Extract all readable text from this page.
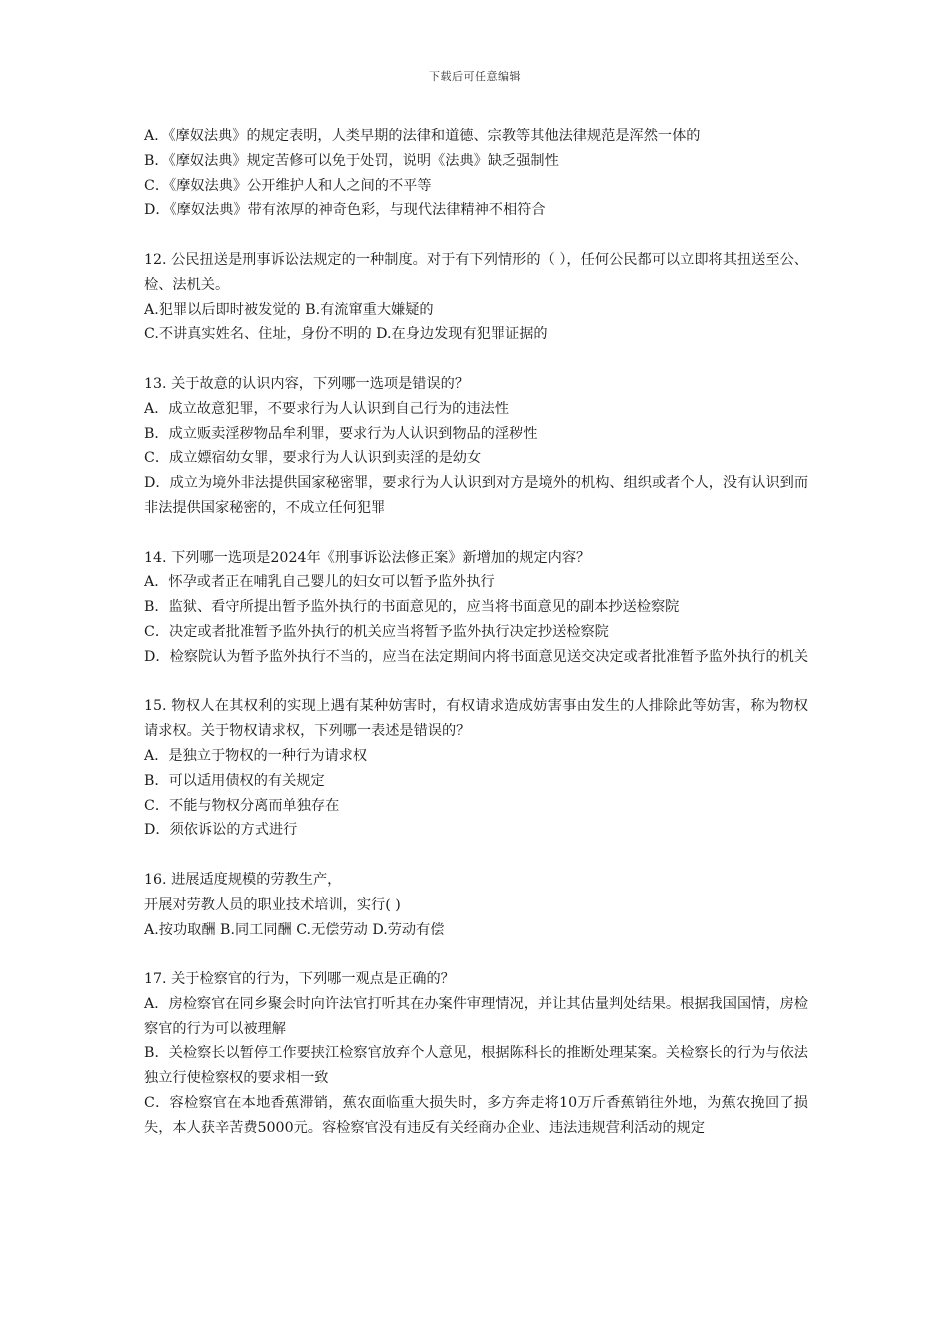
下载后可任意编辑
A．《摩奴法典》的规定表明，人类早期的法律和道德、宗教等其他法律规范是浑然一体的
B．《摩奴法典》规定苦修可以免于处罚，说明《法典》缺乏强制性
C．《摩奴法典》公开维护人和人之间的不平等
D．《摩奴法典》带有浓厚的神奇色彩，与现代法律精神不相符合
12. 公民扭送是刑事诉讼法规定的一种制度。对于有下列情形的（ ），任何公民都可以立即将其扭送至公、检、法机关。
A.犯罪以后即时被发觉的 B.有流窜重大嫌疑的
C.不讲真实姓名、住址，身份不明的 D.在身边发现有犯罪证据的
13. 关于故意的认识内容，下列哪一选项是错误的？
A．成立故意犯罪，不要求行为人认识到自己行为的违法性
B．成立贩卖淫秽物品牟利罪，要求行为人认识到物品的淫秽性
C．成立嫖宿幼女罪，要求行为人认识到卖淫的是幼女
D．成立为境外非法提供国家秘密罪，要求行为人认识到对方是境外的机构、组织或者个人，没有认识到而非法提供国家秘密的，不成立任何犯罪
14. 下列哪一选项是2024年《刑事诉讼法修正案》新增加的规定内容？
A．怀孕或者正在哺乳自己婴儿的妇女可以暂予监外执行
B．监狱、看守所提出暂予监外执行的书面意见的，应当将书面意见的副本抄送检察院
C．决定或者批准暂予监外执行的机关应当将暂予监外执行决定抄送检察院
D．检察院认为暂予监外执行不当的，应当在法定期间内将书面意见送交决定或者批准暂予监外执行的机关
15. 物权人在其权利的实现上遇有某种妨害时，有权请求造成妨害事由发生的人排除此等妨害，称为物权请求权。关于物权请求权，下列哪一表述是错误的？
A．是独立于物权的一种行为请求权
B．可以适用债权的有关规定
C．不能与物权分离而单独存在
D．须依诉讼的方式进行
16. 进展适度规模的劳教生产，
开展对劳教人员的职业技术培训，实行( )
A.按功取酬 B.同工同酬 C.无偿劳动 D.劳动有偿
17. 关于检察官的行为，下列哪一观点是正确的？
A．房检察官在同乡聚会时向许法官打听其在办案件审理情况，并让其估量判处结果。根据我国国情，房检察官的行为可以被理解
B．关检察长以暂停工作要挟江检察官放弃个人意见，根据陈科长的推断处理某案。关检察长的行为与依法独立行使检察权的要求相一致
C．容检察官在本地香蕉滞销，蕉农面临重大损失时，多方奔走将10万斤香蕉销往外地，为蕉农挽回了损失，本人获辛苦费5000元。容检察官没有违反有关经商办企业、违法违规营利活动的规定
